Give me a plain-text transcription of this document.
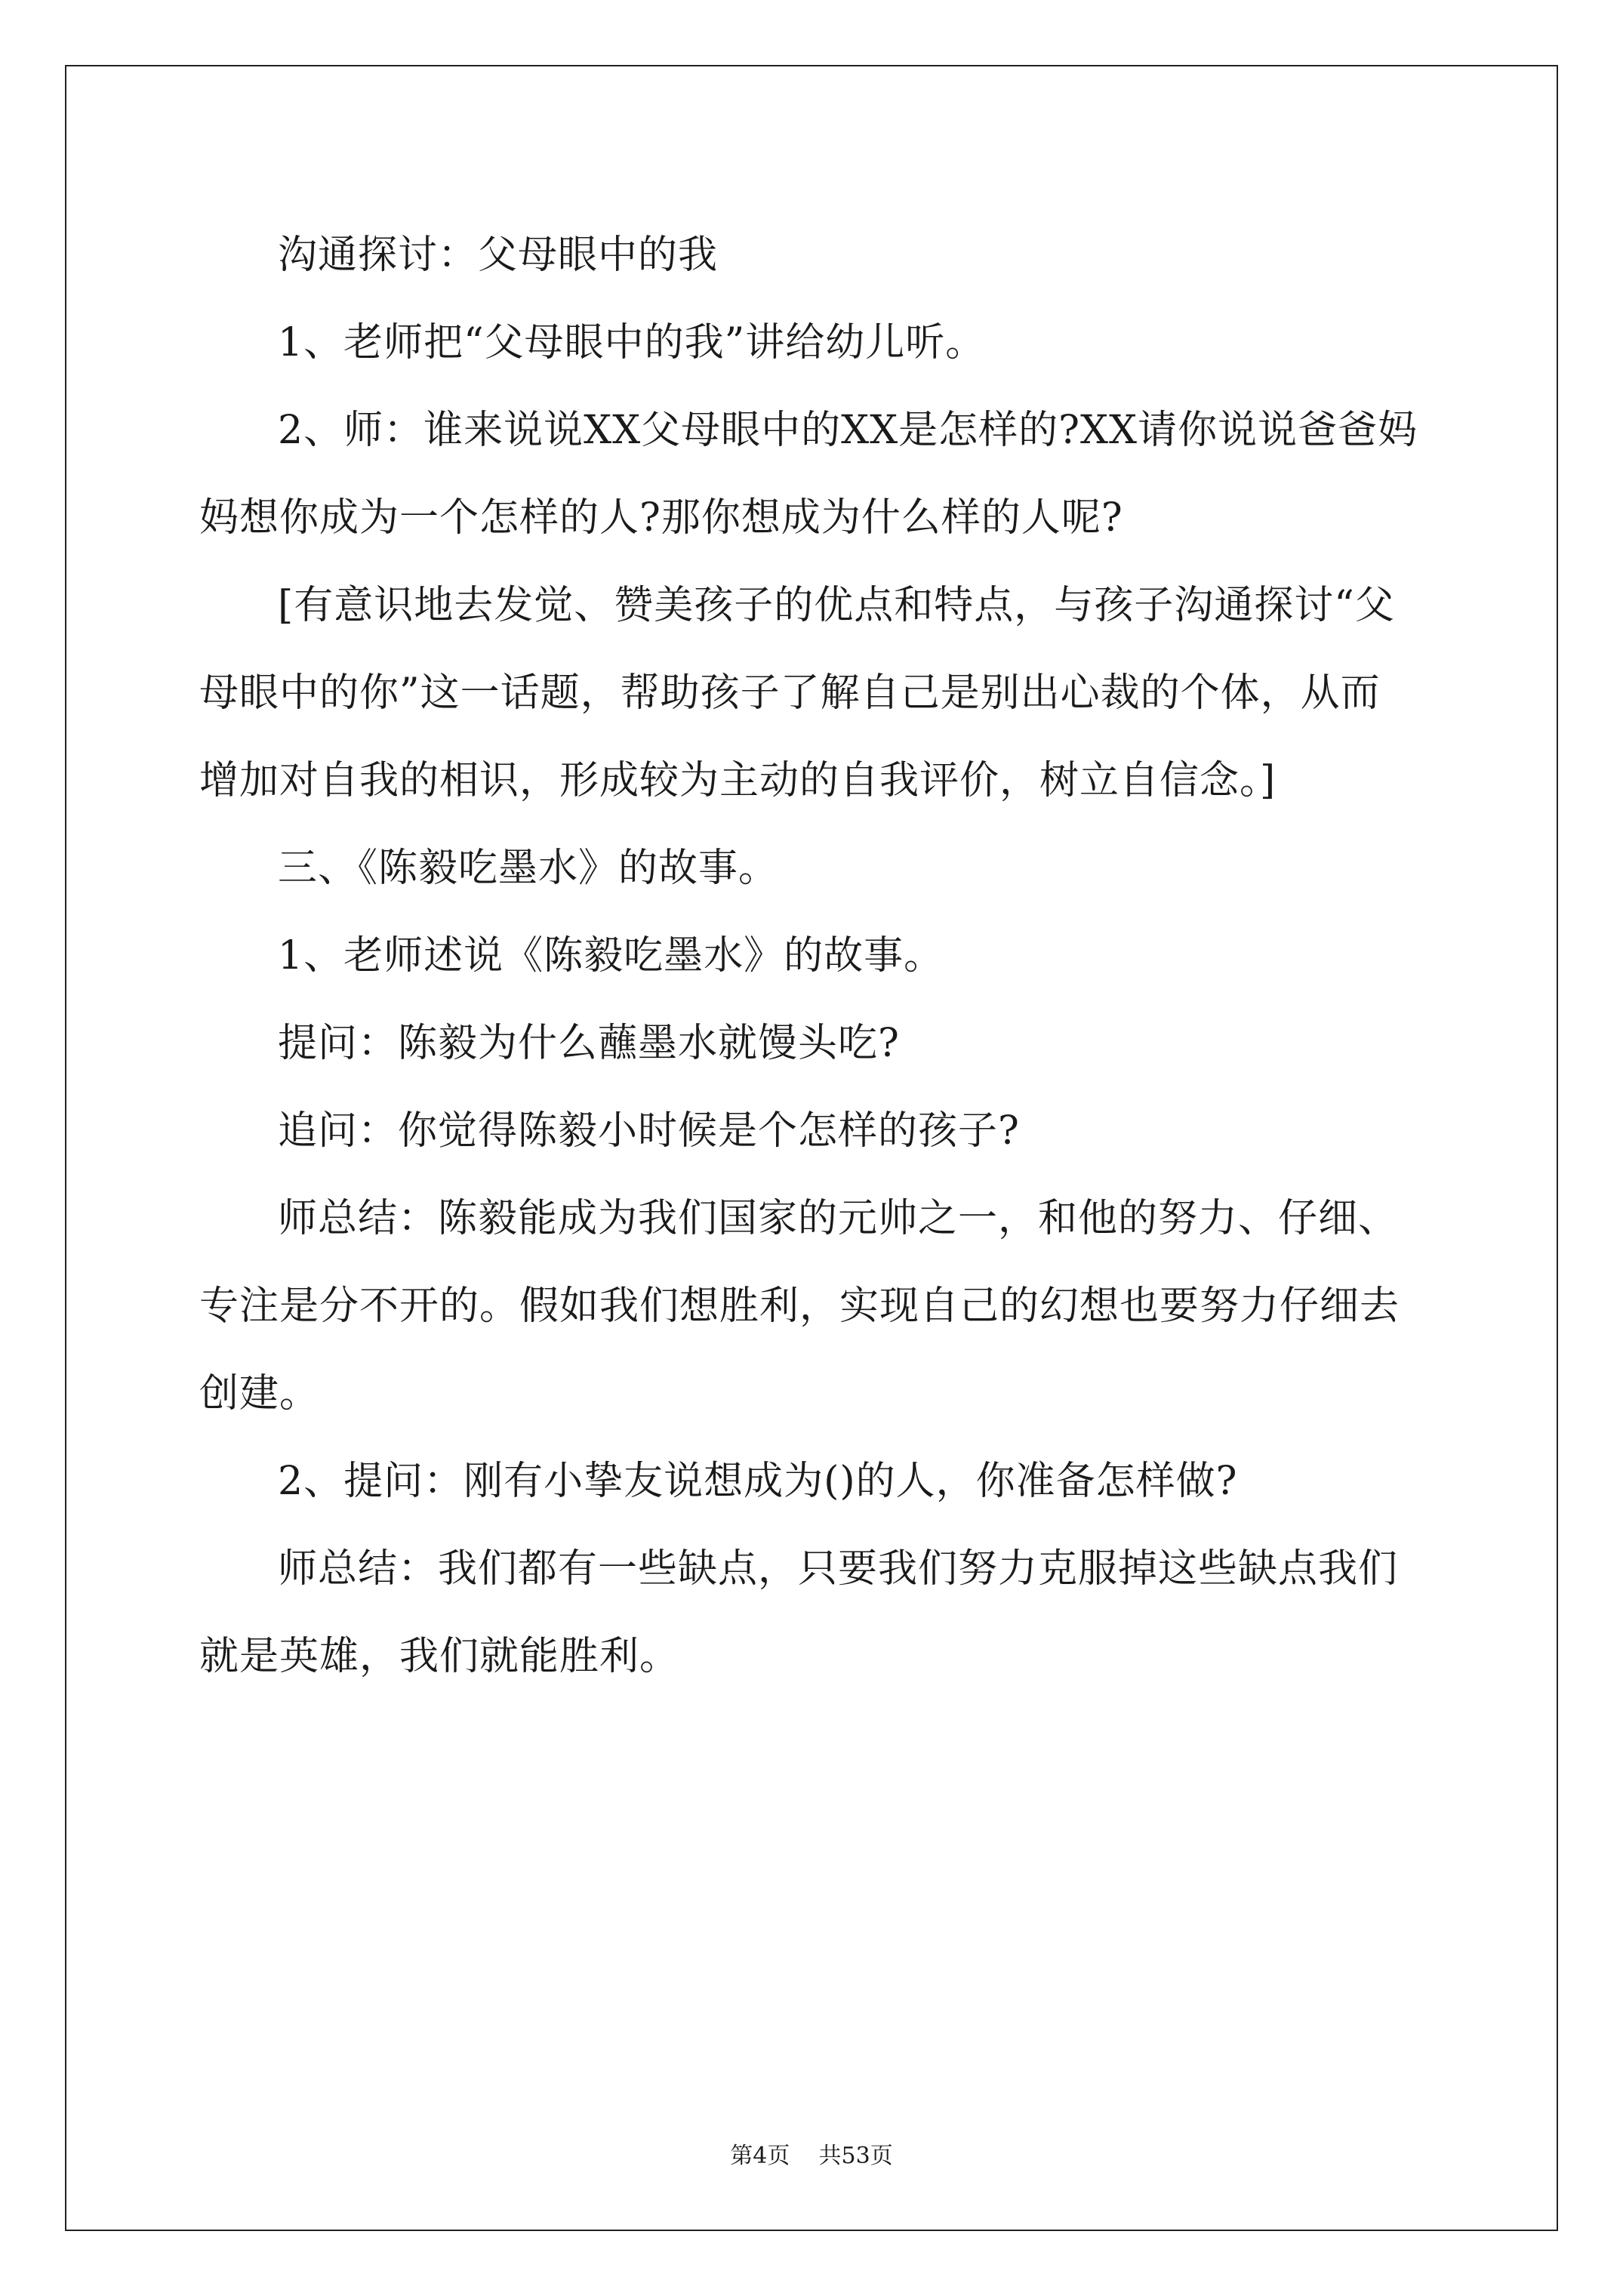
沟通探讨：父母眼中的我

1、老师把“父母眼中的我”讲给幼儿听。

2、师：谁来说说XX父母眼中的XX是怎样的?XX请你说说爸爸妈
妈想你成为一个怎样的人?那你想成为什么样的人呢?

[有意识地去发觉、赞美孩子的优点和特点，与孩子沟通探讨“父
母眼中的你”这一话题，帮助孩子了解自己是别出心裁的个体，从而
增加对自我的相识，形成较为主动的自我评价，树立自信念。]

三、《陈毅吃墨水》的故事。

1、老师述说《陈毅吃墨水》的故事。

提问：陈毅为什么蘸墨水就馒头吃?

追问：你觉得陈毅小时候是个怎样的孩子?

师总结：陈毅能成为我们国家的元帅之一，和他的努力、仔细、
专注是分不开的。假如我们想胜利，实现自己的幻想也要努力仔细去
创建。

2、提问：刚有小挚友说想成为()的人，你准备怎样做?

师总结：我们都有一些缺点，只要我们努力克服掉这些缺点我们
就是英雄，我们就能胜利。

第4页 共53页
